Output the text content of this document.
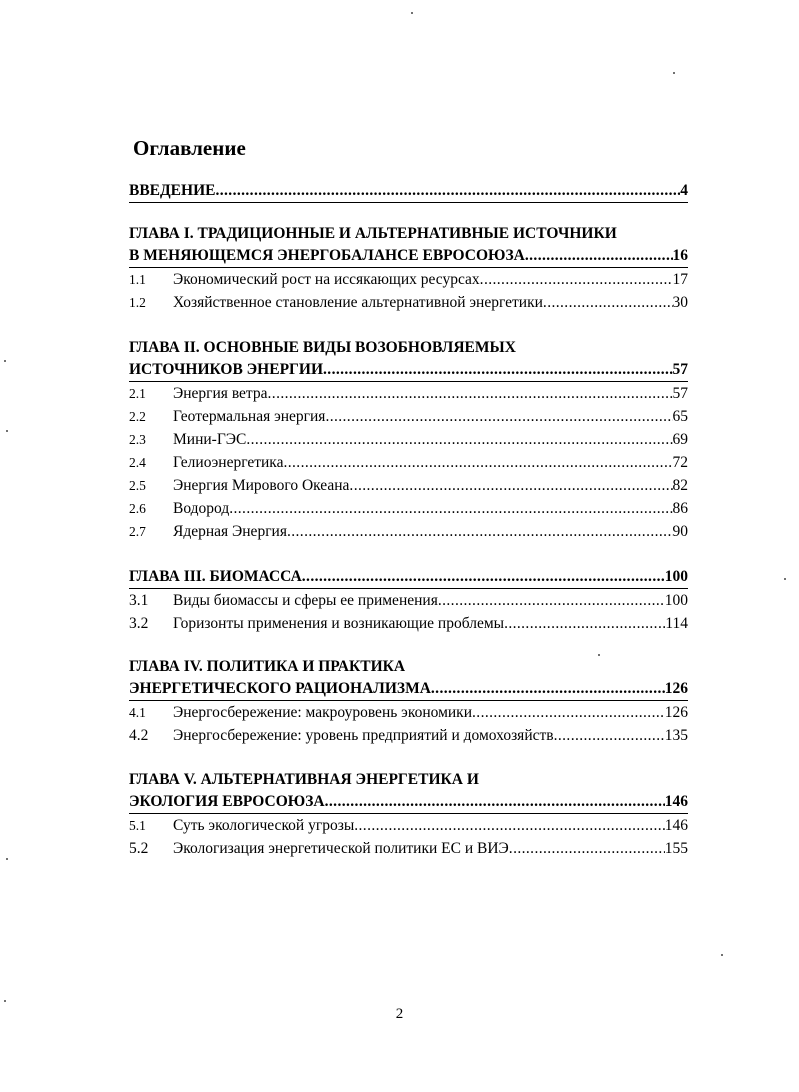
Оглавление
ВВЕДЕНИЕ .....	4
ГЛАВА I. ТРАДИЦИОННЫЕ И АЛЬТЕРНАТИВНЫЕ ИСТОЧНИКИ
В МЕНЯЮЩЕМСЯ ЭНЕРГОБАЛАНСЕ ЕВРОСОЮЗА .....	16
1.1	Экономический рост на иссякающих ресурсах .....	17
1.2	Хозяйственное становление альтернативной энергетики .....	30
ГЛАВА II. ОСНОВНЫЕ ВИДЫ ВОЗОБНОВЛЯЕМЫХ
ИСТОЧНИКОВ ЭНЕРГИИ .....	57
2.1	Энергия ветра .....	57
2.2	Геотермальная энергия .....	65
2.3	Мини-ГЭС .....	69
2.4	Гелиоэнергетика .....	72
2.5	Энергия Мирового Океана .....	82
2.6	Водород .....	86
2.7	Ядерная Энергия .....	90
ГЛАВА III. БИОМАССА .....	100
3.1	Виды биомассы и сферы ее применения .....	100
3.2	Горизонты применения и возникающие проблемы .....	114
ГЛАВА IV. ПОЛИТИКА И ПРАКТИКА
ЭНЕРГЕТИЧЕСКОГО РАЦИОНАЛИЗМА .....	126
4.1	Энергосбережение: макроуровень экономики .....	126
4.2	Энергосбережение: уровень предприятий и домохозяйств .....	135
ГЛАВА V. АЛЬТЕРНАТИВНАЯ ЭНЕРГЕТИКА И
ЭКОЛОГИЯ ЕВРОСОЮЗА .....	146
5.1	Суть экологической угрозы .....	146
5.2	Экологизация энергетической политики ЕС и ВИЭ .....	155
2
